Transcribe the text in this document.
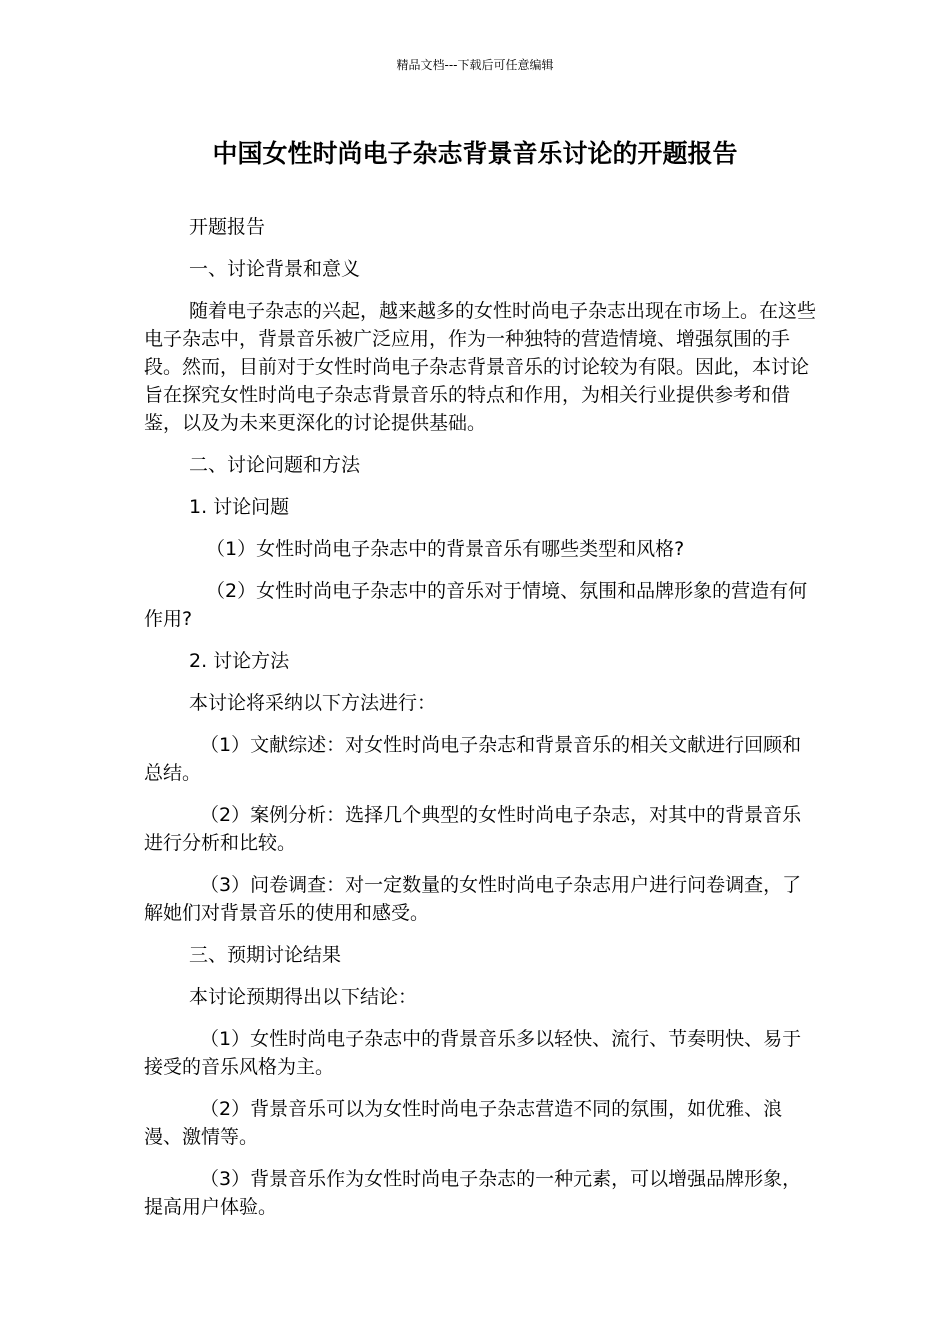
精品文档---下载后可任意编辑
中国女性时尚电子杂志背景音乐讨论的开题报告

开题报告

一、讨论背景和意义

随着电子杂志的兴起，越来越多的女性时尚电子杂志出现在市场上。在这些电子杂志中，背景音乐被广泛应用，作为一种独特的营造情境、增强氛围的手段。然而，目前对于女性时尚电子杂志背景音乐的讨论较为有限。因此，本讨论旨在探究女性时尚电子杂志背景音乐的特点和作用，为相关行业提供参考和借鉴，以及为未来更深化的讨论提供基础。

二、讨论问题和方法

1. 讨论问题

（1）女性时尚电子杂志中的背景音乐有哪些类型和风格?

（2）女性时尚电子杂志中的音乐对于情境、氛围和品牌形象的营造有何作用?

2. 讨论方法

本讨论将采纳以下方法进行：

（1）文献综述：对女性时尚电子杂志和背景音乐的相关文献进行回顾和总结。

（2）案例分析：选择几个典型的女性时尚电子杂志，对其中的背景音乐进行分析和比较。

（3）问卷调查：对一定数量的女性时尚电子杂志用户进行问卷调查，了解她们对背景音乐的使用和感受。

三、预期讨论结果

本讨论预期得出以下结论：

（1）女性时尚电子杂志中的背景音乐多以轻快、流行、节奏明快、易于接受的音乐风格为主。

（2）背景音乐可以为女性时尚电子杂志营造不同的氛围，如优雅、浪漫、激情等。

（3）背景音乐作为女性时尚电子杂志的一种元素，可以增强品牌形象，提高用户体验。
